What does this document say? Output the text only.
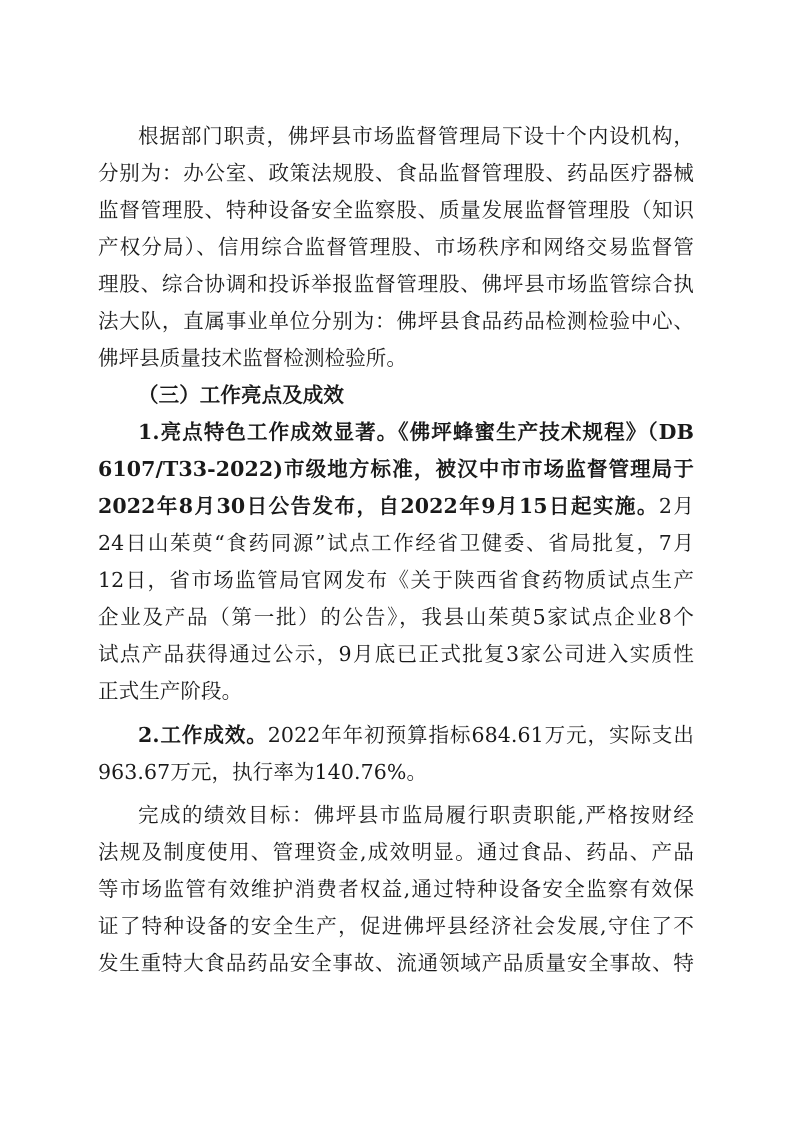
根据部门职责，佛坪县市场监督管理局下设十个内设机构，
分别为：办公室、政策法规股、食品监督管理股、药品医疗器械
监督管理股、特种设备安全监察股、质量发展监督管理股（知识
产权分局）、信用综合监督管理股、市场秩序和网络交易监督管
理股、综合协调和投诉举报监督管理股、佛坪县市场监管综合执
法大队，直属事业单位分别为：佛坪县食品药品检测检验中心、
佛坪县质量技术监督检测检验所。
（三）工作亮点及成效
1.亮点特色工作成效显著。《佛坪蜂蜜生产技术规程》（DB
6107/T33-2022)市级地方标准，被汉中市市场监督管理局于
2022年8月30日公告发布，自2022年9月15日起实施。2月
24日山茱萸“食药同源”试点工作经省卫健委、省局批复，7月
12日，省市场监管局官网发布《关于陕西省食药物质试点生产
企业及产品（第一批）的公告》，我县山茱萸5家试点企业8个
试点产品获得通过公示，9月底已正式批复3家公司进入实质性
正式生产阶段。
2.工作成效。2022年年初预算指标684.61万元，实际支出
963.67万元，执行率为140.76%。
完成的绩效目标：佛坪县市监局履行职责职能,严格按财经
法规及制度使用、管理资金,成效明显。通过食品、药品、产品
等市场监管有效维护消费者权益,通过特种设备安全监察有效保
证了特种设备的安全生产，促进佛坪县经济社会发展,守住了不
发生重特大食品药品安全事故、流通领域产品质量安全事故、特
